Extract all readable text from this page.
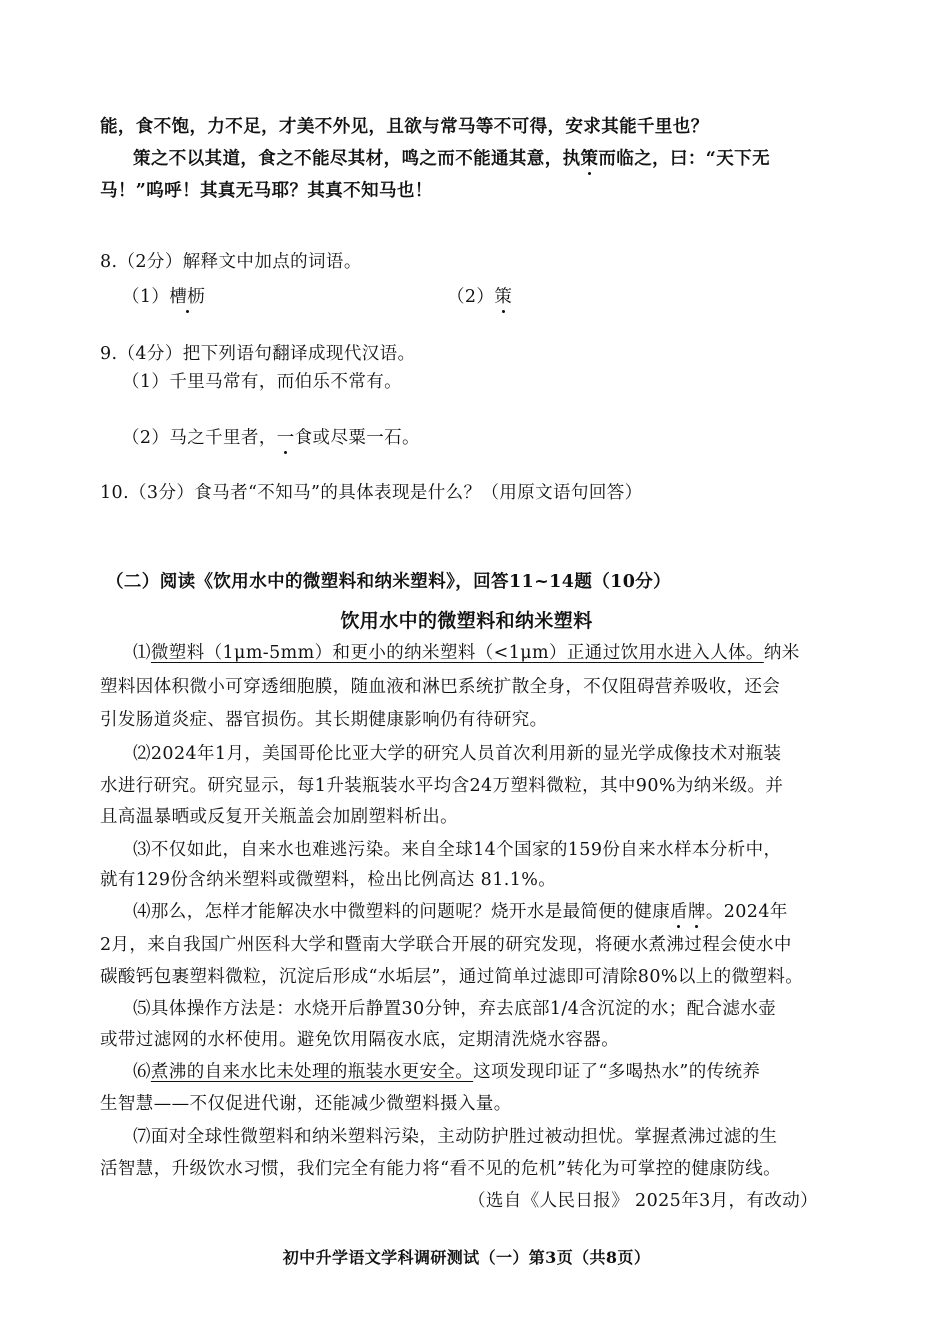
能，食不饱，力不足，才美不外见，且欲与常马等不可得，安求其能千里也？
策之不以其道，食之不能尽其材，鸣之而不能通其意，执策而临之，曰：“天下无
马！”呜呼！其真无马耶？其真不知马也！
8.（2分）解释文中加点的词语。
（1）槽枥	（2）策
9.（4分）把下列语句翻译成现代汉语。
（1）千里马常有，而伯乐不常有。
（2）马之千里者，一食或尽粟一石。
10.（3分）食马者“不知马”的具体表现是什么？（用原文语句回答）
（二）阅读《饮用水中的微塑料和纳米塑料》，回答11~14题（10分）
饮用水中的微塑料和纳米塑料
⑴微塑料（1μm-5mm）和更小的纳米塑料（<1μm）正通过饮用水进入人体。纳米
塑料因体积微小可穿透细胞膜，随血液和淋巴系统扩散全身，不仅阻碍营养吸收，还会
引发肠道炎症、器官损伤。其长期健康影响仍有待研究。
⑵2024年1月，美国哥伦比亚大学的研究人员首次利用新的显光学成像技术对瓶装
水进行研究。研究显示，每1升装瓶装水平均含24万塑料微粒，其中90%为纳米级。并
且高温暴晒或反复开关瓶盖会加剧塑料析出。
⑶不仅如此，自来水也难逃污染。来自全球14个国家的159份自来水样本分析中，
就有129份含纳米塑料或微塑料，检出比例高达 81.1%。
⑷那么，怎样才能解决水中微塑料的问题呢？烧开水是最简便的健康盾牌。2024年
2月，来自我国广州医科大学和暨南大学联合开展的研究发现，将硬水煮沸过程会使水中
碳酸钙包裹塑料微粒，沉淀后形成“水垢层”，通过简单过滤即可清除80%以上的微塑料。
⑸具体操作方法是：水烧开后静置30分钟，弃去底部1/4含沉淀的水；配合滤水壶
或带过滤网的水杯使用。避免饮用隔夜水底，定期清洗烧水容器。
⑹煮沸的自来水比未处理的瓶装水更安全。这项发现印证了“多喝热水”的传统养
生智慧——不仅促进代谢，还能减少微塑料摄入量。
⑺面对全球性微塑料和纳米塑料污染，主动防护胜过被动担忧。掌握煮沸过滤的生
活智慧，升级饮水习惯，我们完全有能力将“看不见的危机”转化为可掌控的健康防线。
（选自《人民日报》 2025年3月，有改动）
初中升学语文学科调研测试（一）第3页（共8页）
